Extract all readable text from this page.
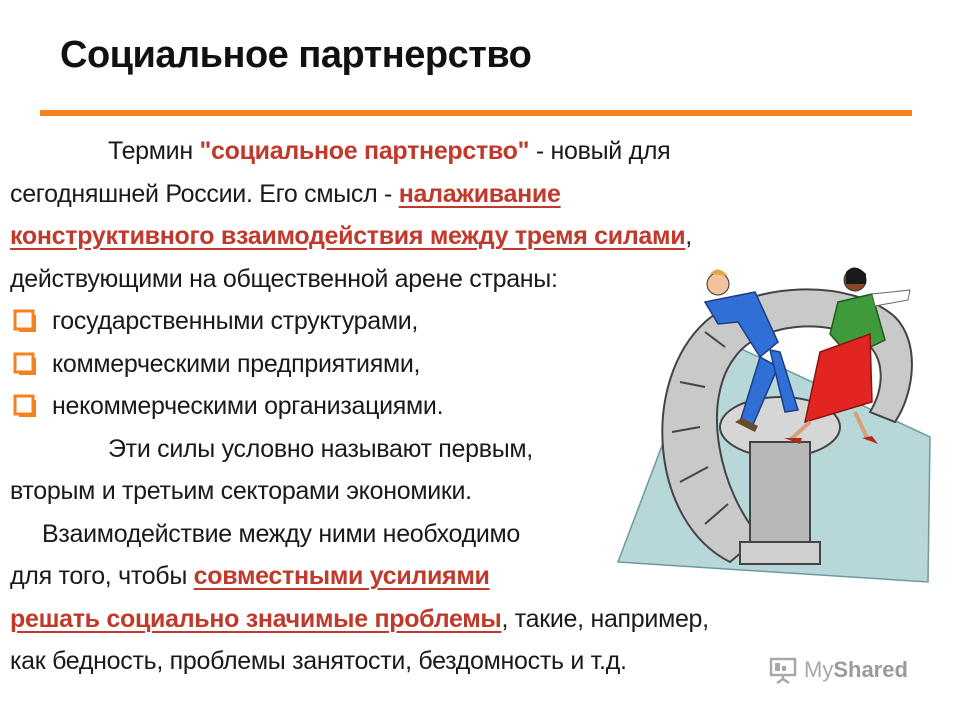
Социальное партнерство
Термин "социальное партнерство" - новый для
сегодняшней России. Его смысл - налаживание
конструктивного взаимодействия между тремя силами,
действующими на общественной арене страны:
государственными структурами,
коммерческими предприятиями,
некоммерческими организациями.
Эти силы условно называют первым,
вторым и третьим секторами экономики.
Взаимодействие между ними необходимо
для того, чтобы совместными усилиями
решать социально значимые проблемы, такие, например,
как бедность, проблемы занятости, бездомность и т.д.	My Shared
